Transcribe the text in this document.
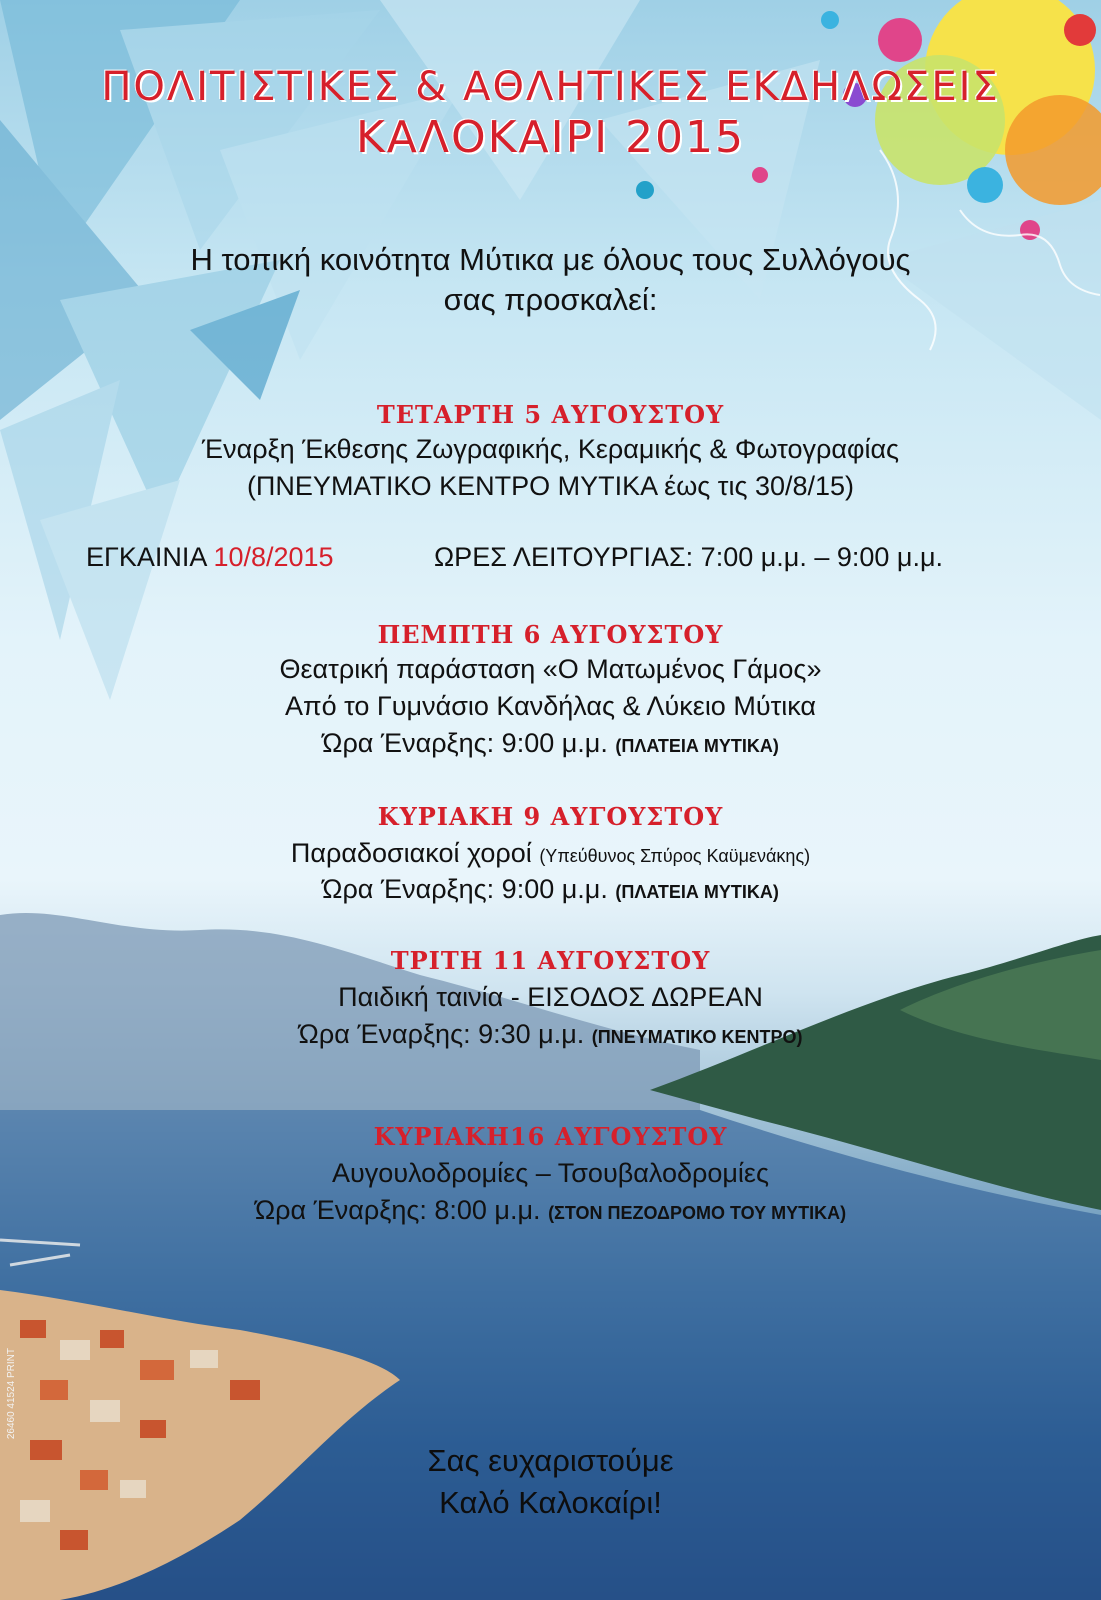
ΠΟΛΙΤΙΣΤΙΚΕΣ & ΑΘΛΗΤΙΚΕΣ ΕΚΔΗΛΩΣΕΙΣ
ΚΑΛΟΚΑΙΡΙ 2015
Η τοπική κοινότητα Μύτικα με όλους τους Συλλόγους
σας προσκαλεί:
ΤΕΤΑΡΤΗ 5 ΑΥΓΟΥΣΤΟΥ
Έναρξη Έκθεσης Ζωγραφικής, Κεραμικής & Φωτογραφίας
(ΠΝΕΥΜΑΤΙΚΟ ΚΕΝΤΡΟ ΜΥΤΙΚΑ έως τις 30/8/15)
ΕΓΚΑΙΝΙΑ 10/8/2015	ΩΡΕΣ ΛΕΙΤΟΥΡΓΙΑΣ: 7:00 μ.μ. – 9:00 μ.μ.
ΠΕΜΠΤΗ 6 ΑΥΓΟΥΣΤΟΥ
Θεατρική παράσταση «Ο Ματωμένος Γάμος»
Από το Γυμνάσιο Κανδήλας & Λύκειο Μύτικα
Ώρα Έναρξης: 9:00 μ.μ. (ΠΛΑΤΕΙΑ ΜΥΤΙΚΑ)
ΚΥΡΙΑΚΗ 9 ΑΥΓΟΥΣΤΟΥ
Παραδοσιακοί χοροί (Υπεύθυνος Σπύρος Καϋμενάκης)
Ώρα Έναρξης: 9:00 μ.μ. (ΠΛΑΤΕΙΑ ΜΥΤΙΚΑ)
ΤΡΙΤΗ 11 ΑΥΓΟΥΣΤΟΥ
Παιδική ταινία - ΕΙΣΟΔΟΣ ΔΩΡΕΑΝ
Ώρα Έναρξης: 9:30 μ.μ. (ΠΝΕΥΜΑΤΙΚΟ ΚΕΝΤΡΟ)
ΚΥΡΙΑΚΗ16 ΑΥΓΟΥΣΤΟΥ
Αυγουλοδρομίες – Τσουβαλοδρομίες
Ώρα Έναρξης: 8:00 μ.μ. (ΣΤΟΝ ΠΕΖΟΔΡΟΜΟ ΤΟΥ ΜΥΤΙΚΑ)
Σας ευχαριστούμε
Καλό Καλοκαίρι!
26460 41524 PRINT
